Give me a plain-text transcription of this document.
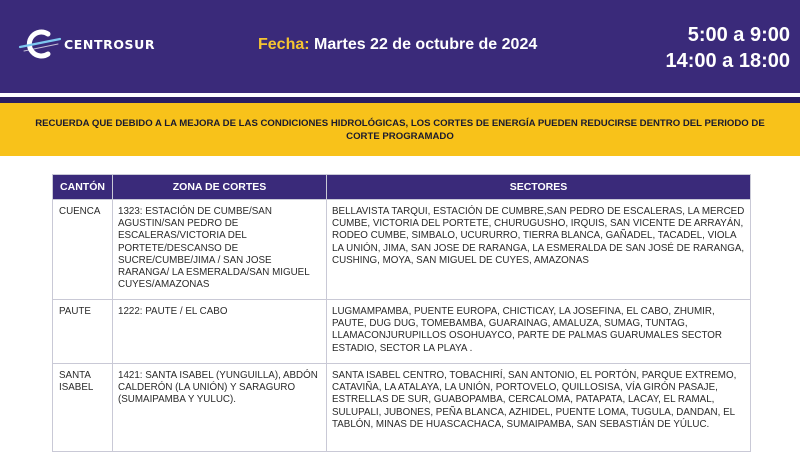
CENTROSUR	Fecha: Martes 22 de octubre de 2024	5:00 a 9:00
14:00 a 18:00
RECUERDA QUE DEBIDO A LA MEJORA DE LAS CONDICIONES HIDROLÓGICAS, LOS CORTES DE ENERGÍA PUEDEN REDUCIRSE DENTRO DEL PERIODO DE CORTE PROGRAMADO
CANTÓN	ZONA DE CORTES	SECTORES
CUENCA	1323: ESTACIÓN DE CUMBE/SAN AGUSTIN/SAN PEDRO DE ESCALERAS/VICTORIA DEL PORTETE/DESCANSO DE SUCRE/CUMBE/JIMA / SAN JOSE RARANGA/ LA ESMERALDA/SAN MIGUEL CUYES/AMAZONAS	BELLAVISTA TARQUI, ESTACIÓN DE CUMBRE,SAN PEDRO DE ESCALERAS, LA MERCED CUMBE, VICTORIA DEL PORTETE, CHURUGUSHO, IRQUIS, SAN VICENTE DE ARRAYÁN, RODEO CUMBE, SIMBALO, UCURURRO, TIERRA BLANCA, GAÑADEL, TACADEL, VIOLA LA UNIÓN, JIMA, SAN JOSE DE RARANGA, LA ESMERALDA DE SAN JOSÉ DE RARANGA, CUSHING, MOYA, SAN MIGUEL DE CUYES, AMAZONAS
PAUTE	1222: PAUTE / EL CABO	LUGMAMPAMBA, PUENTE EUROPA, CHICTICAY, LA JOSEFINA, EL CABO, ZHUMIR, PAUTE, DUG DUG, TOMEBAMBA, GUARAINAG, AMALUZA, SUMAG, TUNTAG, LLAMACONJURUPILLOS OSOHUAYCO, PARTE DE PALMAS GUARUMALES SECTOR ESTADIO, SECTOR LA PLAYA .
SANTA ISABEL	1421: SANTA ISABEL (YUNGUILLA), ABDÓN CALDERÓN (LA UNIÓN) Y SARAGURO (SUMAIPAMBA Y YULUC).	SANTA ISABEL CENTRO, TOBACHIRÍ, SAN ANTONIO, EL PORTÓN, PARQUE EXTREMO, CATAVIÑA, LA ATALAYA, LA UNIÓN, PORTOVELO, QUILLOSISA, VÍA GIRÓN PASAJE, ESTRELLAS DE SUR, GUABOPAMBA, CERCALOMA, PATAPATA, LACAY, EL RAMAL, SULUPALI, JUBONES, PEÑA BLANCA, AZHIDEL, PUENTE LOMA, TUGULA, DANDAN, EL TABLÓN, MINAS DE HUASCACHACA, SUMAIPAMBA, SAN SEBASTIÁN DE YÚLUC.
